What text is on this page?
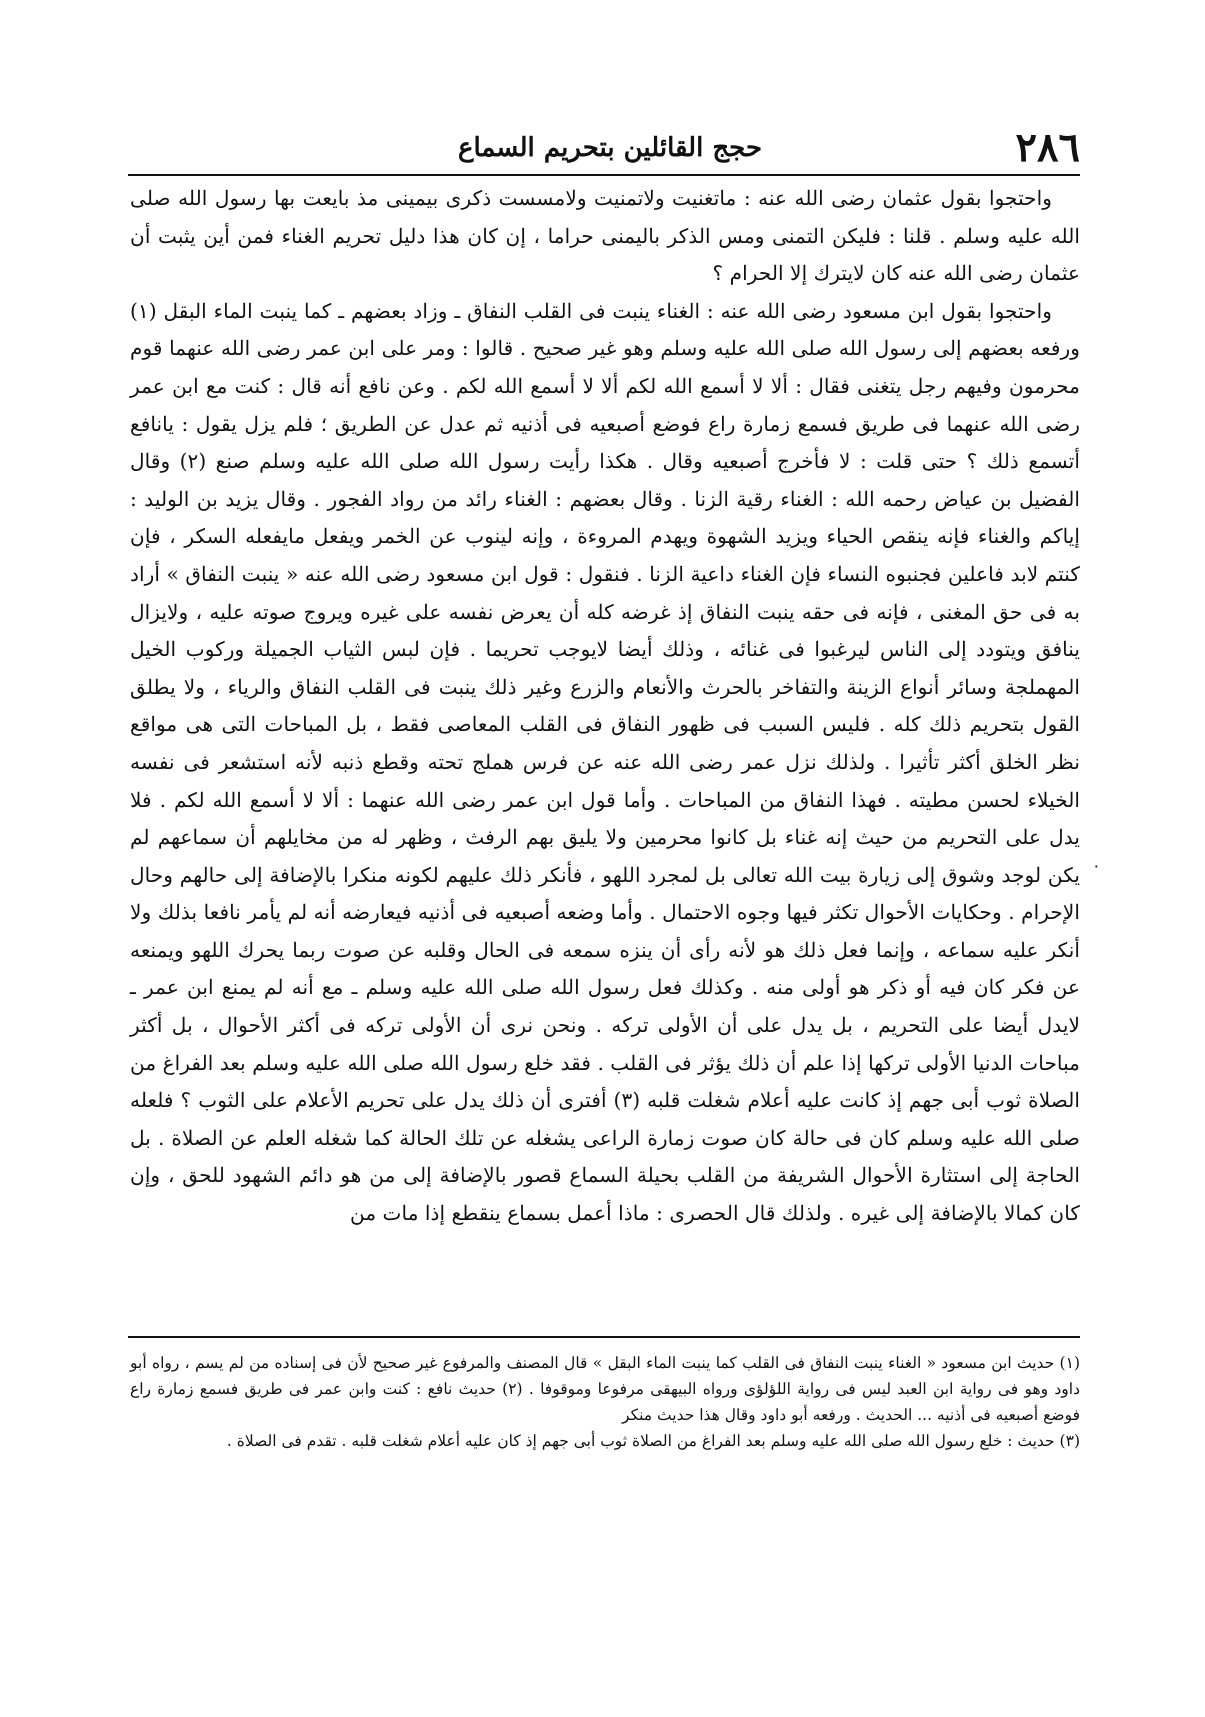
٢٨٦
حجج القائلين بتحريم السماع

واحتجوا بقول عثمان رضى الله عنه : ماتغنيت ولاتمنيت ولامسست ذكرى بيمينى مذ بايعت بها رسول الله صلى الله عليه وسلم . قلنا : فليكن التمنى ومس الذكر باليمنى حراما ، إن كان هذا دليل تحريم الغناء فمن أين يثبت أن عثمان رضى الله عنه كان لايترك إلا الحرام ؟

واحتجوا بقول ابن مسعود رضى الله عنه : الغناء ينبت فى القلب النفاق ـ وزاد بعضهم ـ كما ينبت الماء البقل (١) ورفعه بعضهم إلى رسول الله صلى الله عليه وسلم وهو غير صحيح . قالوا : ومر على ابن عمر رضى الله عنهما قوم محرمون وفيهم رجل يتغنى فقال : ألا لا أسمع الله لكم ألا لا أسمع الله لكم . وعن نافع أنه قال : كنت مع ابن عمر رضى الله عنهما فى طريق فسمع زمارة راع فوضع أصبعيه فى أذنيه ثم عدل عن الطريق ؛ فلم يزل يقول : يانافع أتسمع ذلك ؟ حتى قلت : لا فأخرج أصبعيه وقال . هكذا رأيت رسول الله صلى الله عليه وسلم صنع (٢) وقال الفضيل بن عياض رحمه الله : الغناء رقية الزنا . وقال بعضهم : الغناء رائد من رواد الفجور . وقال يزيد بن الوليد : إياكم والغناء فإنه ينقص الحياء ويزيد الشهوة ويهدم المروءة ، وإنه لينوب عن الخمر ويفعل مايفعله السكر ، فإن كنتم لابد فاعلين فجنبوه النساء فإن الغناء داعية الزنا . فنقول : قول ابن مسعود رضى الله عنه « ينبت النفاق » أراد به فى حق المغنى ، فإنه فى حقه ينبت النفاق إذ غرضه كله أن يعرض نفسه على غيره ويروج صوته عليه ، ولايزال ينافق ويتودد إلى الناس ليرغبوا فى غنائه ، وذلك أيضا لايوجب تحريما . فإن لبس الثياب الجميلة وركوب الخيل المهملجة وسائر أنواع الزينة والتفاخر بالحرث والأنعام والزرع وغير ذلك ينبت فى القلب النفاق والرياء ، ولا يطلق القول بتحريم ذلك كله . فليس السبب فى ظهور النفاق فى القلب المعاصى فقط ، بل المباحات التى هى مواقع نظر الخلق أكثر تأثيرا . ولذلك نزل عمر رضى الله عنه عن فرس هملج تحته وقطع ذنبه لأنه استشعر فى نفسه الخيلاء لحسن مطيته . فهذا النفاق من المباحات . وأما قول ابن عمر رضى الله عنهما : ألا لا أسمع الله لكم . فلا يدل على التحريم من حيث إنه غناء بل كانوا محرمين ولا يليق بهم الرفث ، وظهر له من مخايلهم أن سماعهم لم يكن لوجد وشوق إلى زيارة بيت الله تعالى بل لمجرد اللهو ، فأنكر ذلك عليهم لكونه منكرا بالإضافة إلى حالهم وحال الإحرام . وحكايات الأحوال تكثر فيها وجوه الاحتمال . وأما وضعه أصبعيه فى أذنيه فيعارضه أنه لم يأمر نافعا بذلك ولا أنكر عليه سماعه ، وإنما فعل ذلك هو لأنه رأى أن ينزه سمعه فى الحال وقلبه عن صوت ربما يحرك اللهو ويمنعه عن فكر كان فيه أو ذكر هو أولى منه . وكذلك فعل رسول الله صلى الله عليه وسلم ـ مع أنه لم يمنع ابن عمر ـ لايدل أيضا على التحريم ، بل يدل على أن الأولى تركه . ونحن نرى أن الأولى تركه فى أكثر الأحوال ، بل أكثر مباحات الدنيا الأولى تركها إذا علم أن ذلك يؤثر فى القلب . فقد خلع رسول الله صلى الله عليه وسلم بعد الفراغ من الصلاة ثوب أبى جهم إذ كانت عليه أعلام شغلت قلبه (٣) أفترى أن ذلك يدل على تحريم الأعلام على الثوب ؟ فلعله صلى الله عليه وسلم كان فى حالة كان صوت زمارة الراعى يشغله عن تلك الحالة كما شغله العلم عن الصلاة . بل الحاجة إلى استثارة الأحوال الشريفة من القلب بحيلة السماع قصور بالإضافة إلى من هو دائم الشهود للحق ، وإن كان كمالا بالإضافة إلى غيره . ولذلك قال الحصرى : ماذا أعمل بسماع ينقطع إذا مات من

٠

(١) حديث ابن مسعود « الغناء ينبت النفاق فى القلب كما ينبت الماء البقل » قال المصنف والمرفوع غير صحيح لأن فى إسناده من لم يسم ، رواه أبو داود وهو فى رواية ابن العبد ليس فى رواية اللؤلؤى ورواه البيهقى مرفوعا وموقوفا . (٢) حديث نافع : كنت وابن عمر فى طريق فسمع زمارة راع فوضع أصبعيه فى أذنيه ... الحديث . ورفعه أبو داود وقال هذا حديث منكر

(٣) حديث : خلع رسول الله صلى الله عليه وسلم بعد الفراغ من الصلاة ثوب أبى جهم إذ كان عليه أعلام شغلت قلبه . تقدم فى الصلاة .
